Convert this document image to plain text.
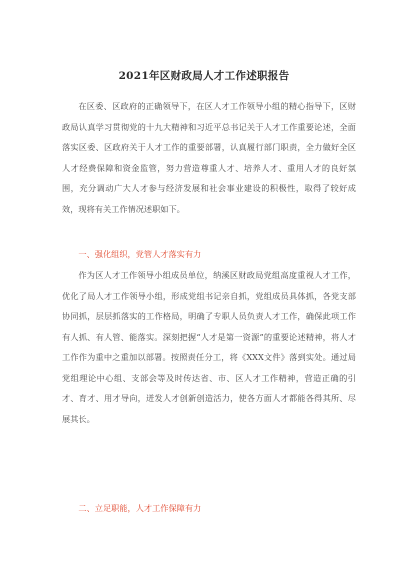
2021年区财政局人才工作述职报告

在区委、区政府的正确领导下，在区人才工作领导小组的精心指导下，区财政局认真学习贯彻党的十九大精神和习近平总书记关于人才工作重要论述，全面落实区委、区政府关于人才工作的重要部署，认真履行部门职责，全力做好全区人才经费保障和资金监管，努力营造尊重人才、培养人才、重用人才的良好氛围，充分调动广大人才参与经济发展和社会事业建设的积极性，取得了较好成效，现将有关工作情况述职如下。

一、强化组织，党管人才落实有力

作为区人才工作领导小组成员单位，纳溪区财政局党组高度重视人才工作，优化了局人才工作领导小组，形成党组书记亲自抓，党组成员具体抓，各党支部协同抓，层层抓落实的工作格局，明确了专职人员负责人才工作，确保此项工作有人抓、有人管、能落实。深刻把握“人才是第一资源”的重要论述精神，将人才工作作为重中之重加以部署。按照责任分工，将《XXX文件》落到实处。通过局党组理论中心组、支部会等及时传达省、市、区人才工作精神，营造正确的引才、育才、用才导向，迸发人才创新创造活力，使各方面人才都能各得其所、尽展其长。

二、立足职能，人才工作保障有力
